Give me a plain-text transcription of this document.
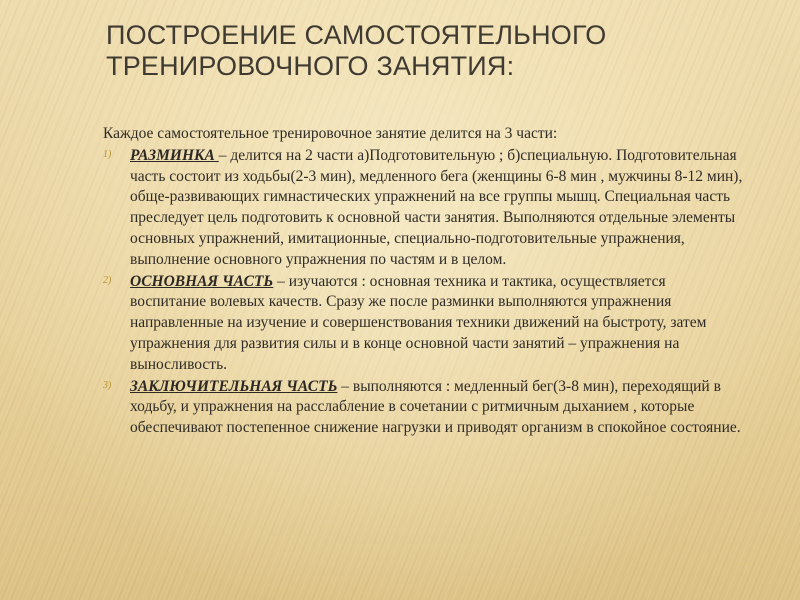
ПОСТРОЕНИЕ САМОСТОЯТЕЛЬНОГО ТРЕНИРОВОЧНОГО ЗАНЯТИЯ:

Каждое самостоятельное тренировочное занятие делится на 3 части:

1) РАЗМИНКА – делится на 2 части а)Подготовительную ; б)специальную. Подготовительная часть состоит из ходьбы(2-3 мин), медленного бега (женщины 6-8 мин , мужчины 8-12 мин), обще-развивающих гимнастических упражнений на все группы мышц. Специальная часть преследует цель подготовить к основной части занятия. Выполняются отдельные элементы основных упражнений, имитационные, специально-подготовительные упражнения, выполнение основного упражнения по частям и в целом.
2) ОСНОВНАЯ ЧАСТЬ – изучаются : основная техника и тактика, осуществляется воспитание волевых качеств. Сразу же после разминки выполняются упражнения направленные на изучение и совершенствования техники движений на быстроту, затем упражнения для развития силы и в конце основной части занятий – упражнения на выносливость.
3) ЗАКЛЮЧИТЕЛЬНАЯ ЧАСТЬ – выполняются : медленный бег(3-8 мин), переходящий в ходьбу, и упражнения на расслабление в сочетании с ритмичным дыханием , которые обеспечивают постепенное снижение нагрузки и приводят организм в спокойное состояние.
